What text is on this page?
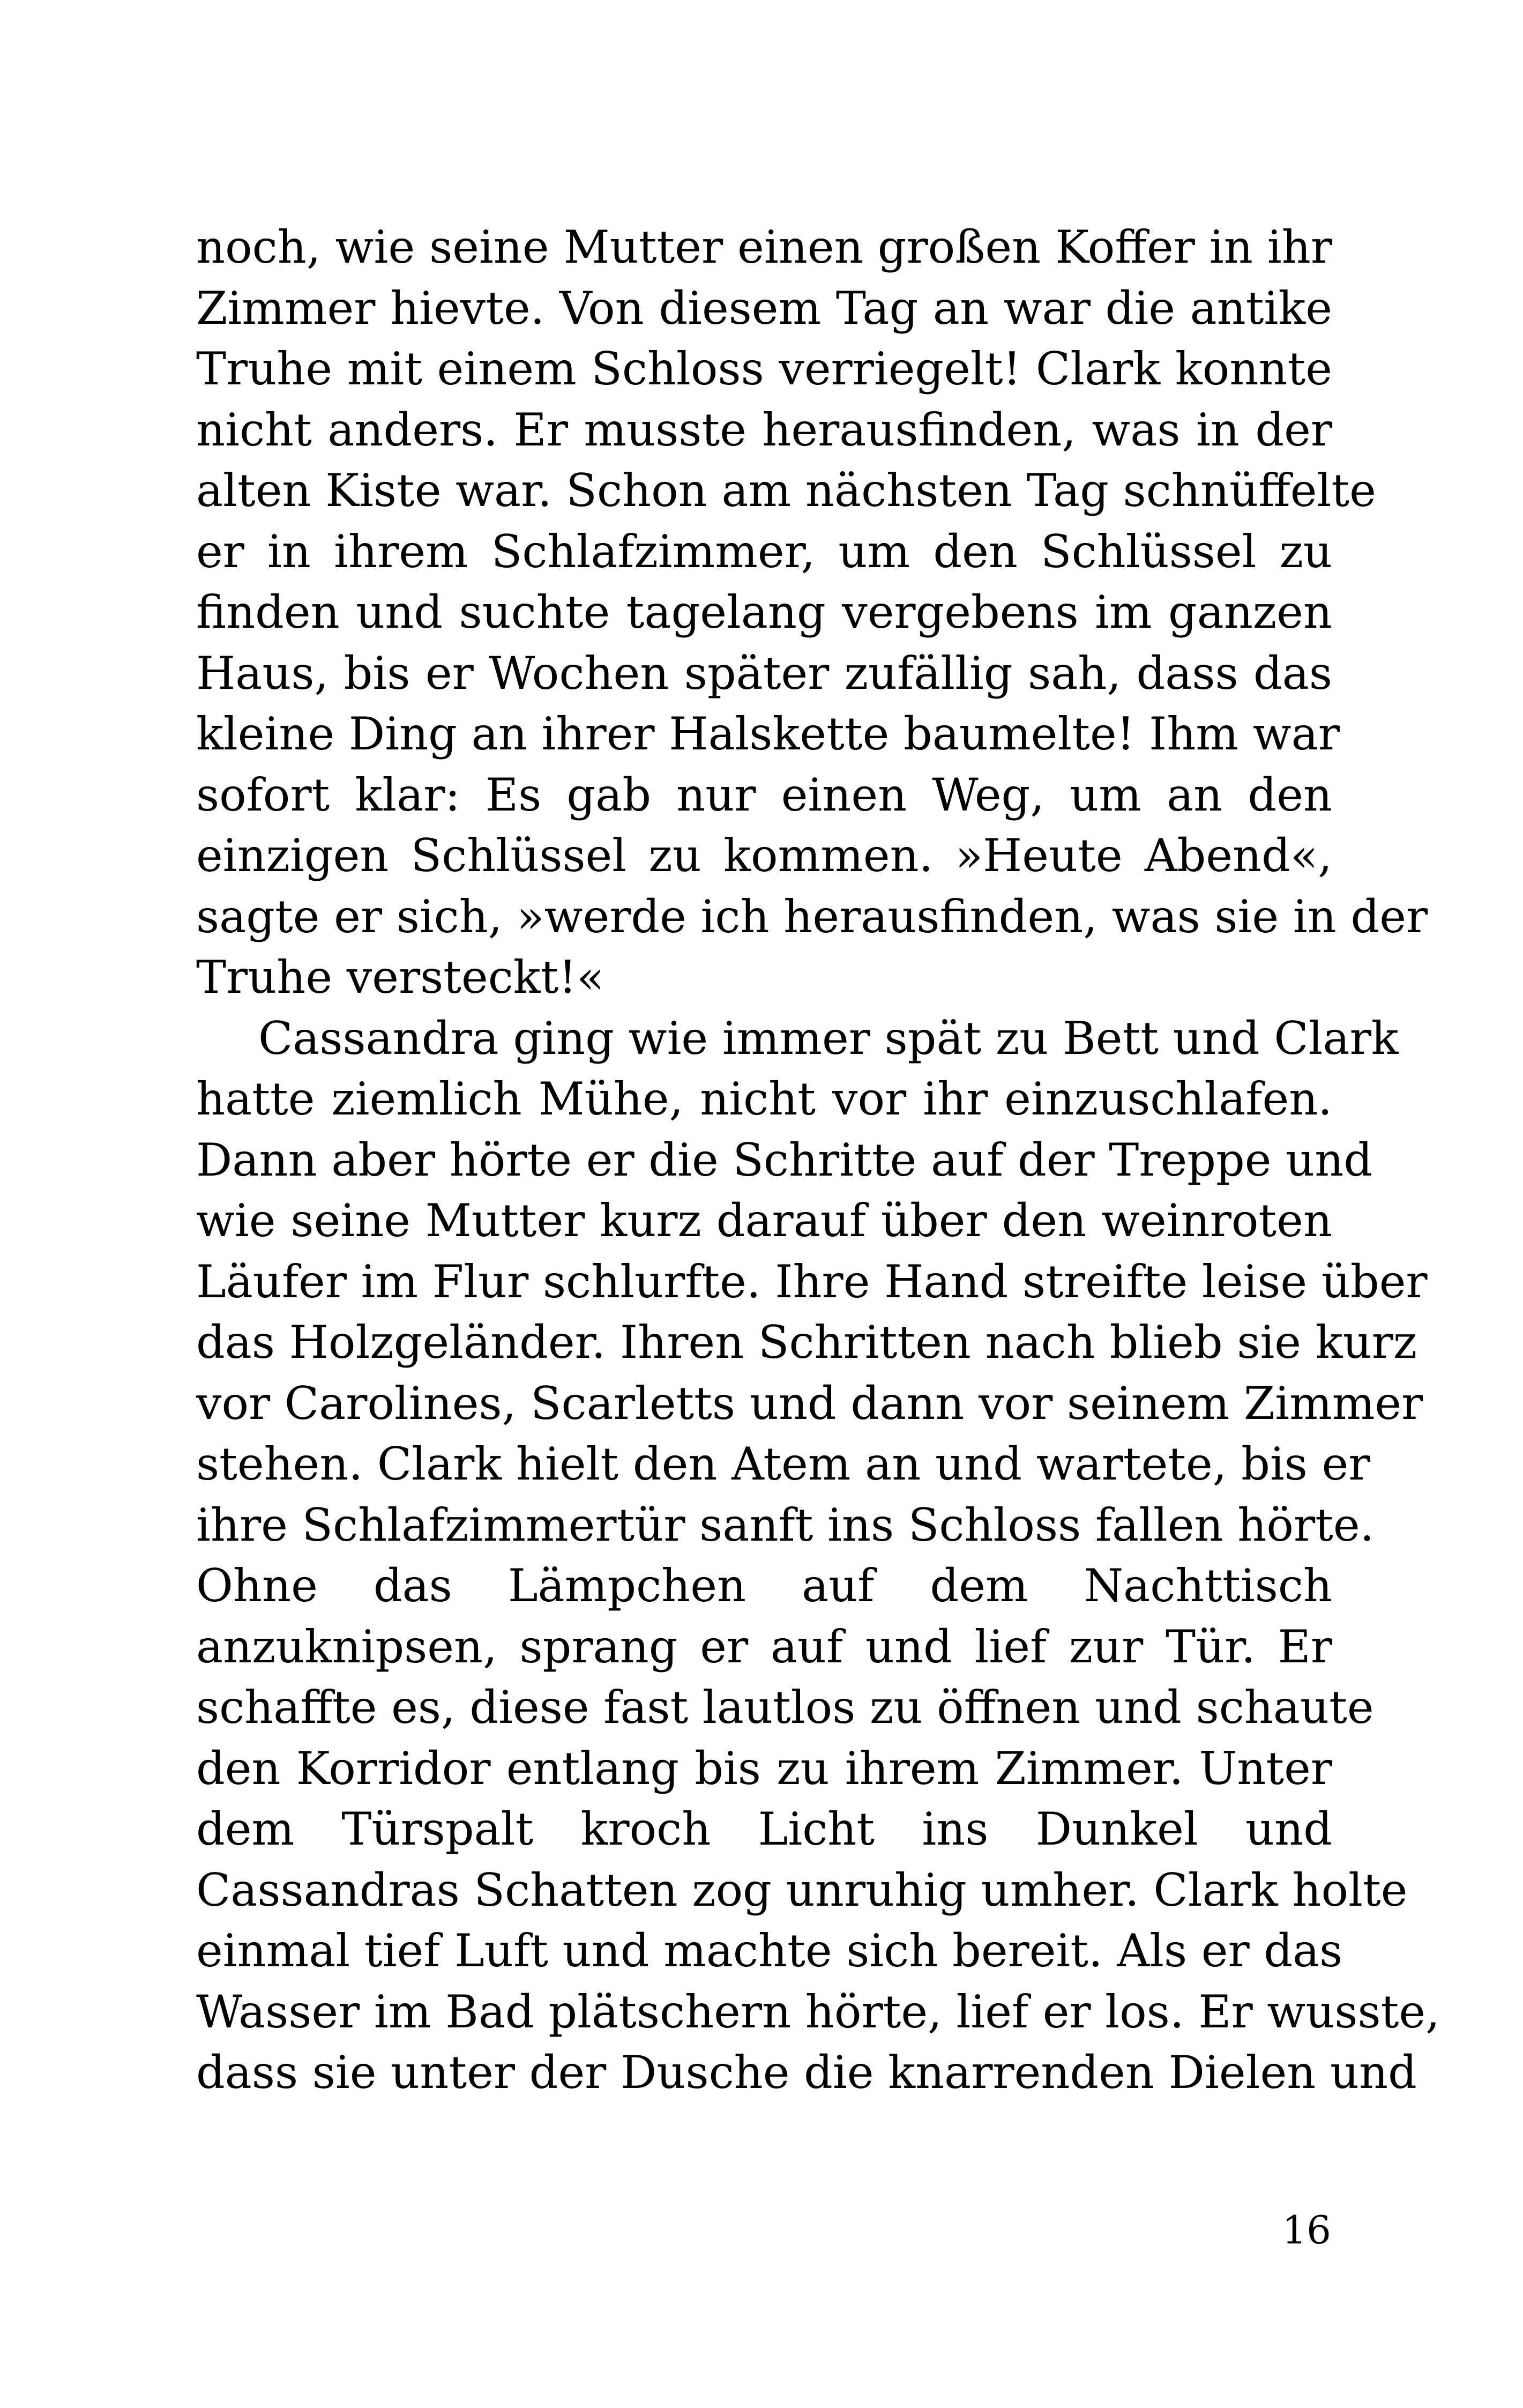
noch, wie seine Mutter einen großen Koffer in ihr
Zimmer hievte. Von diesem Tag an war die antike
Truhe mit einem Schloss verriegelt! Clark konnte
nicht anders. Er musste herausfinden, was in der
alten Kiste war. Schon am nächsten Tag schnüffelte
er in ihrem Schlafzimmer, um den Schlüssel zu
finden und suchte tagelang vergebens im ganzen
Haus, bis er Wochen später zufällig sah, dass das
kleine Ding an ihrer Halskette baumelte! Ihm war
sofort klar: Es gab nur einen Weg, um an den
einzigen Schlüssel zu kommen. »Heute Abend«,
sagte er sich, »werde ich herausfinden, was sie in der
Truhe versteckt!«
Cassandra ging wie immer spät zu Bett und Clark
hatte ziemlich Mühe, nicht vor ihr einzuschlafen.
Dann aber hörte er die Schritte auf der Treppe und
wie seine Mutter kurz darauf über den weinroten
Läufer im Flur schlurfte. Ihre Hand streifte leise über
das Holzgeländer. Ihren Schritten nach blieb sie kurz
vor Carolines, Scarletts und dann vor seinem Zimmer
stehen. Clark hielt den Atem an und wartete, bis er
ihre Schlafzimmertür sanft ins Schloss fallen hörte.
Ohne das Lämpchen auf dem Nachttisch
anzuknipsen, sprang er auf und lief zur Tür. Er
schaffte es, diese fast lautlos zu öffnen und schaute
den Korridor entlang bis zu ihrem Zimmer. Unter
dem Türspalt kroch Licht ins Dunkel und
Cassandras Schatten zog unruhig umher. Clark holte
einmal tief Luft und machte sich bereit. Als er das
Wasser im Bad plätschern hörte, lief er los. Er wusste,
dass sie unter der Dusche die knarrenden Dielen und
16
